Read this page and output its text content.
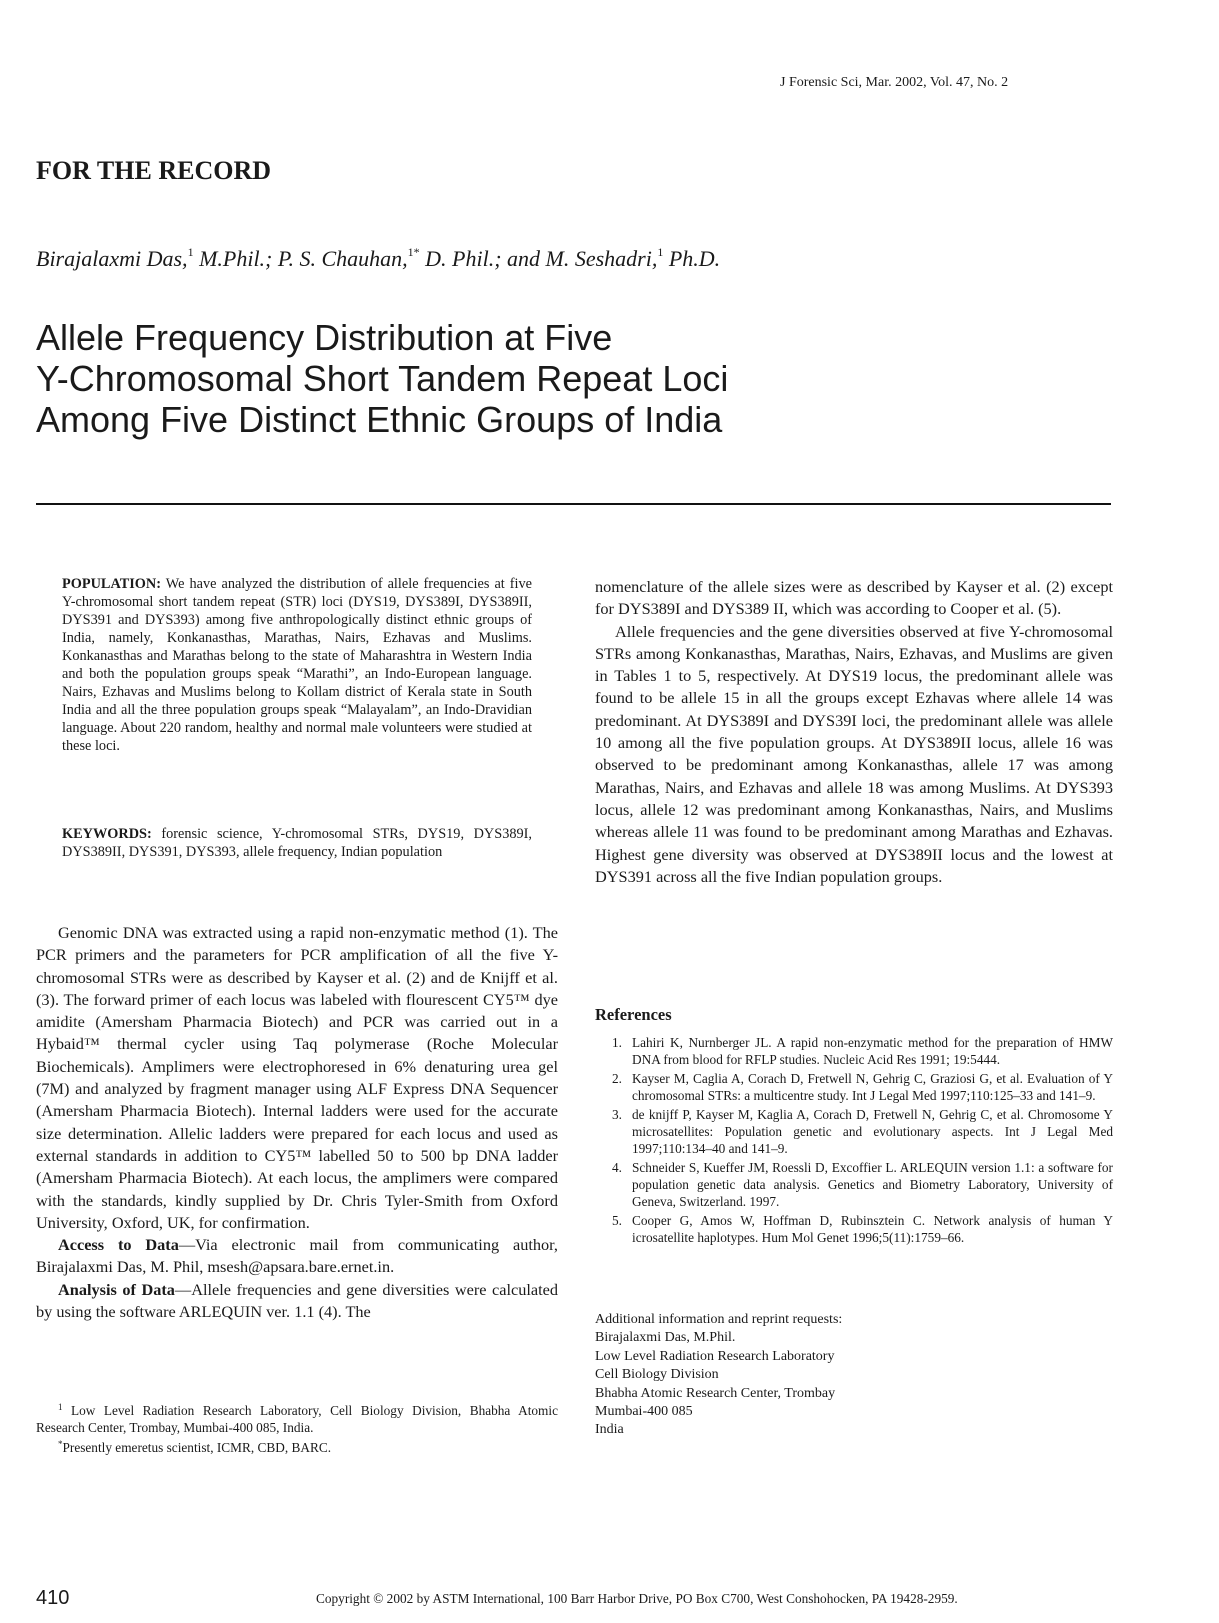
J Forensic Sci, Mar. 2002, Vol. 47, No. 2
FOR THE RECORD
Birajalaxmi Das,$^1$ M.Phil.; P. S. Chauhan,$^{1*}$ D. Phil.; and M. Seshadri,$^1$ Ph.D.
Allele Frequency Distribution at Five
Y-Chromosomal Short Tandem Repeat Loci
Among Five Distinct Ethnic Groups of India

POPULATION: We have analyzed the distribution of allele frequencies at five Y-chromosomal short tandem repeat (STR) loci (DYS19, DYS389I, DYS389II, DYS391 and DYS393) among five anthropologically distinct ethnic groups of India, namely, Konkanasthas, Marathas, Nairs, Ezhavas and Muslims. Konkanasthas and Marathas belong to the state of Maharashtra in Western India and both the population groups speak “Marathi”, an Indo-European language. Nairs, Ezhavas and Muslims belong to Kollam district of Kerala state in South India and all the three population groups speak “Malayalam”, an Indo-Dravidian language. About 220 random, healthy and normal male volunteers were studied at these loci.

KEYWORDS: forensic science, Y-chromosomal STRs, DYS19, DYS389I, DYS389II, DYS391, DYS393, allele frequency, Indian population

Genomic DNA was extracted using a rapid non-enzymatic method (1). The PCR primers and the parameters for PCR amplification of all the five Y-chromosomal STRs were as described by Kayser et al. (2) and de Knijff et al. (3). The forward primer of each locus was labeled with flourescent CY5™ dye amidite (Amersham Pharmacia Biotech) and PCR was carried out in a Hybaid™ thermal cycler using Taq polymerase (Roche Molecular Biochemicals). Amplimers were electrophoresed in 6% denaturing urea gel (7M) and analyzed by fragment manager using ALF Express DNA Sequencer (Amersham Pharmacia Biotech). Internal ladders were used for the accurate size determination. Allelic ladders were prepared for each locus and used as external standards in addition to CY5™ labelled 50 to 500 bp DNA ladder (Amersham Pharmacia Biotech). At each locus, the amplimers were compared with the standards, kindly supplied by Dr. Chris Tyler-Smith from Oxford University, Oxford, UK, for confirmation.

Access to Data—Via electronic mail from communicating author, Birajalaxmi Das, M. Phil, msesh@apsara.bare.ernet.in.

Analysis of Data—Allele frequencies and gene diversities were calculated by using the software ARLEQUIN ver. 1.1 (4). The

$^1$ Low Level Radiation Research Laboratory, Cell Biology Division, Bhabha Atomic Research Center, Trombay, Mumbai-400 085, India.

*Presently emeretus scientist, ICMR, CBD, BARC.

nomenclature of the allele sizes were as described by Kayser et al. (2) except for DYS389I and DYS389 II, which was according to Cooper et al. (5).

Allele frequencies and the gene diversities observed at five Y-chromosomal STRs among Konkanasthas, Marathas, Nairs, Ezhavas, and Muslims are given in Tables 1 to 5, respectively. At DYS19 locus, the predominant allele was found to be allele 15 in all the groups except Ezhavas where allele 14 was predominant. At DYS389I and DYS39I loci, the predominant allele was allele 10 among all the five population groups. At DYS389II locus, allele 16 was observed to be predominant among Konkanasthas, allele 17 was among Marathas, Nairs, and Ezhavas and allele 18 was among Muslims. At DYS393 locus, allele 12 was predominant among Konkanasthas, Nairs, and Muslims whereas allele 11 was found to be predominant among Marathas and Ezhavas. Highest gene diversity was observed at DYS389II locus and the lowest at DYS391 across all the five Indian population groups.

References
1. Lahiri K, Nurnberger JL. A rapid non-enzymatic method for the preparation of HMW DNA from blood for RFLP studies. Nucleic Acid Res 1991; 19:5444.
2. Kayser M, Caglia A, Corach D, Fretwell N, Gehrig C, Graziosi G, et al. Evaluation of Y chromosomal STRs: a multicentre study. Int J Legal Med 1997;110:125–33 and 141–9.
3. de knijff P, Kayser M, Kaglia A, Corach D, Fretwell N, Gehrig C, et al. Chromosome Y microsatellites: Population genetic and evolutionary aspects. Int J Legal Med 1997;110:134–40 and 141–9.
4. Schneider S, Kueffer JM, Roessli D, Excoffier L. ARLEQUIN version 1.1: a software for population genetic data analysis. Genetics and Biometry Laboratory, University of Geneva, Switzerland. 1997.
5. Cooper G, Amos W, Hoffman D, Rubinsztein C. Network analysis of human Y icrosatellite haplotypes. Hum Mol Genet 1996;5(11):1759–66.
Additional information and reprint requests:
Birajalaxmi Das, M.Phil.
Low Level Radiation Research Laboratory
Cell Biology Division
Bhabha Atomic Research Center, Trombay
Mumbai-400 085
India
410	Copyright © 2002 by ASTM International, 100 Barr Harbor Drive, PO Box C700, West Conshohocken, PA 19428-2959.
